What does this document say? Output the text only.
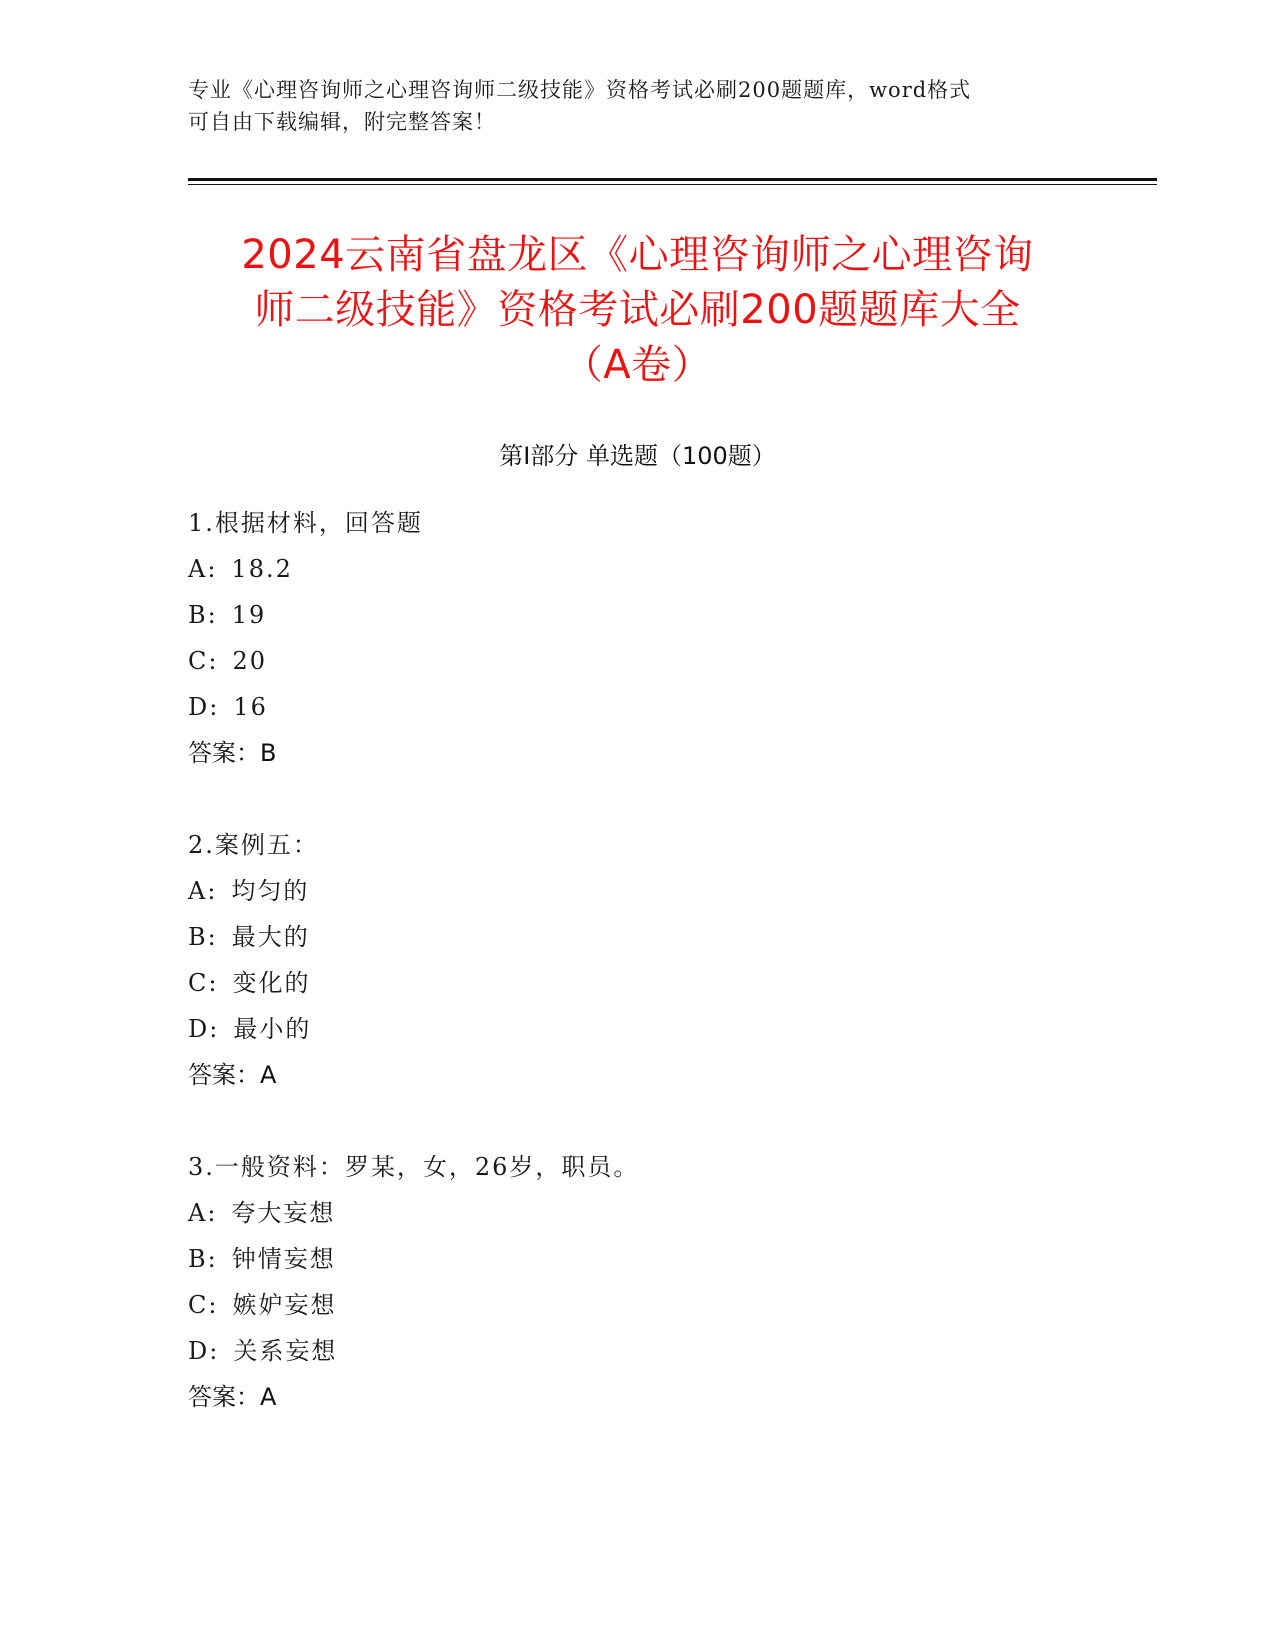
专业《心理咨询师之心理咨询师二级技能》资格考试必刷200题题库，word格式
可自由下载编辑，附完整答案！
2024云南省盘龙区《心理咨询师之心理咨询
师二级技能》资格考试必刷200题题库大全
（A卷）
第I部分 单选题（100题）
1.根据材料，回答题
A: 18.2
B: 19
C: 20
D: 16
答案：B
2.案例五：
A: 均匀的
B: 最大的
C: 变化的
D: 最小的
答案：A
3.一般资料：罗某，女，26岁，职员。
A: 夸大妄想
B: 钟情妄想
C: 嫉妒妄想
D: 关系妄想
答案：A
